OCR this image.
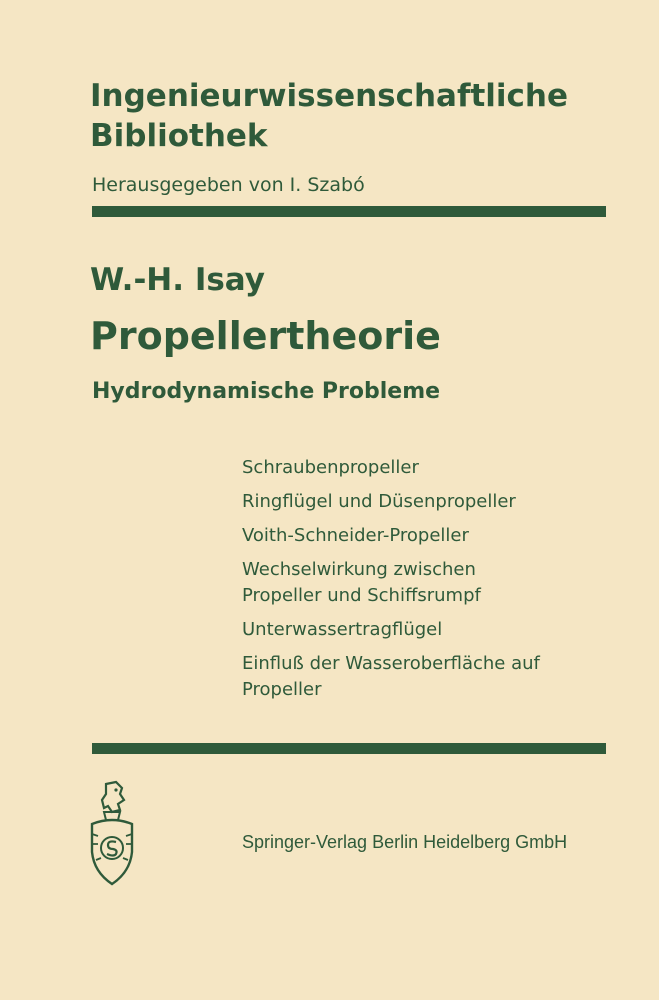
Ingenieurwissenschaftliche
Bibliothek
Herausgegeben von I. Szabó
W.-H. Isay
Propellertheorie
Hydrodynamische Probleme
Schraubenpropeller
Ringflügel und Düsenpropeller
Voith-Schneider-Propeller
Wechselwirkung zwischen Propeller und Schiffsrumpf
Unterwassertragflügel
Einfluß der Wasseroberfläche auf Propeller
Springer-Verlag Berlin Heidelberg GmbH
